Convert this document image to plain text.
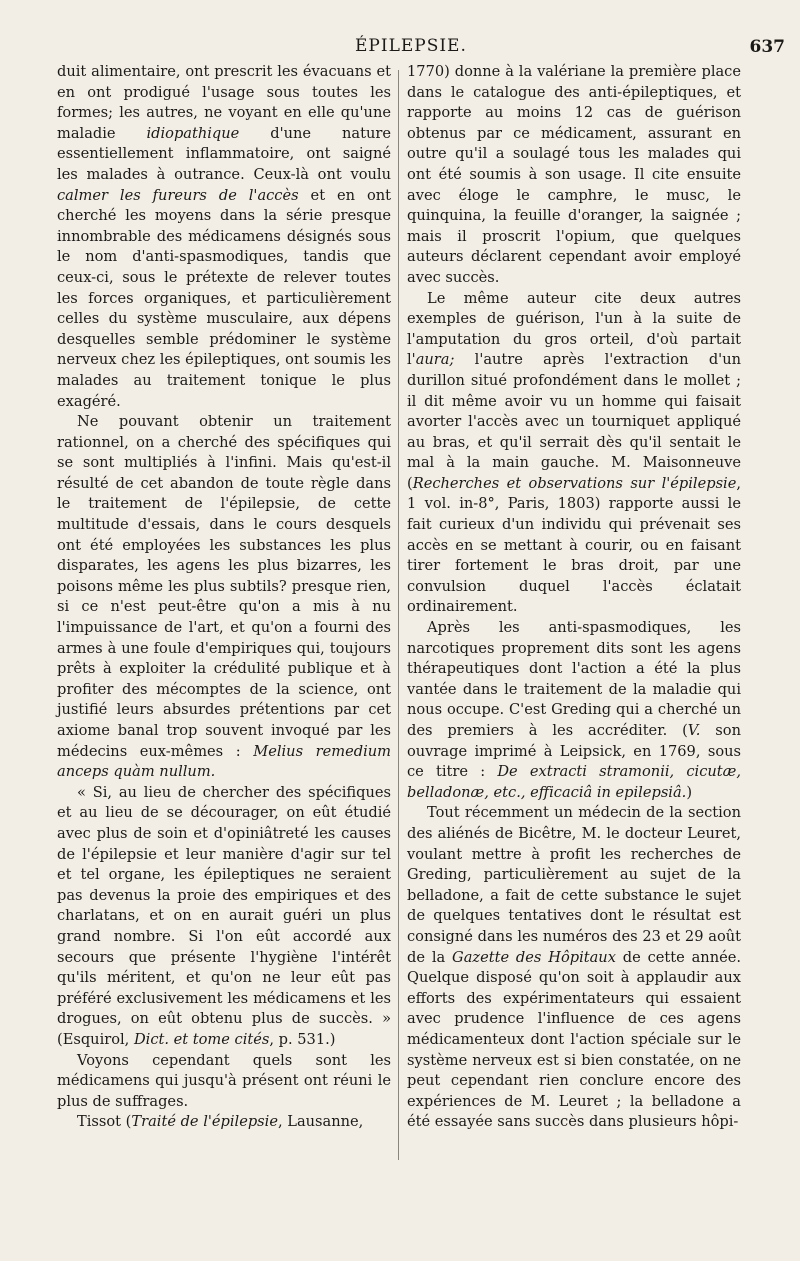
ÉPILEPSIE.	637

duit alimentaire, ont prescrit les évacuans et en ont prodigué l'usage sous toutes les formes; les autres, ne voyant en elle qu'une maladie idiopathique d'une nature essentiellement inflammatoire, ont saigné les malades à outrance. Ceux-là ont voulu calmer les fureurs de l'accès et en ont cherché les moyens dans la série presque innombrable des médicamens désignés sous le nom d'anti-spasmodiques, tandis que ceux-ci, sous le prétexte de relever toutes les forces organiques, et particulièrement celles du système musculaire, aux dépens desquelles semble prédominer le système nerveux chez les épileptiques, ont soumis les malades au traitement tonique le plus exagéré.

Ne pouvant obtenir un traitement rationnel, on a cherché des spécifiques qui se sont multipliés à l'infini. Mais qu'est-il résulté de cet abandon de toute règle dans le traitement de l'épilepsie, de cette multitude d'essais, dans le cours desquels ont été employées les substances les plus disparates, les agens les plus bizarres, les poisons même les plus subtils? presque rien, si ce n'est peut-être qu'on a mis à nu l'impuissance de l'art, et qu'on a fourni des armes à une foule d'empiriques qui, toujours prêts à exploiter la crédulité publique et à profiter des mécomptes de la science, ont justifié leurs absurdes prétentions par cet axiome banal trop souvent invoqué par les médecins eux-mêmes : Melius remedium anceps quàm nullum.

« Si, au lieu de chercher des spécifiques et au lieu de se décourager, on eût étudié avec plus de soin et d'opiniâtreté les causes de l'épilepsie et leur manière d'agir sur tel et tel organe, les épileptiques ne seraient pas devenus la proie des empiriques et des charlatans, et on en aurait guéri un plus grand nombre. Si l'on eût accordé aux secours que présente l'hygiène l'intérêt qu'ils méritent, et qu'on ne leur eût pas préféré exclusivement les médicamens et les drogues, on eût obtenu plus de succès. » (Esquirol, Dict. et tome cités, p. 531.)

Voyons cependant quels sont les médicamens qui jusqu'à présent ont réuni le plus de suffrages.

Tissot (Traité de l'épilepsie, Lausanne,

1770) donne à la valériane la première place dans le catalogue des anti-épileptiques, et rapporte au moins 12 cas de guérison obtenus par ce médicament, assurant en outre qu'il a soulagé tous les malades qui ont été soumis à son usage. Il cite ensuite avec éloge le camphre, le musc, le quinquina, la feuille d'oranger, la saignée ; mais il proscrit l'opium, que quelques auteurs déclarent cependant avoir employé avec succès.

Le même auteur cite deux autres exemples de guérison, l'un à la suite de l'amputation du gros orteil, d'où partait l'aura; l'autre après l'extraction d'un durillon situé profondément dans le mollet ; il dit même avoir vu un homme qui faisait avorter l'accès avec un tourniquet appliqué au bras, et qu'il serrait dès qu'il sentait le mal à la main gauche. M. Maisonneuve (Recherches et observations sur l'épilepsie, 1 vol. in-8°, Paris, 1803) rapporte aussi le fait curieux d'un individu qui prévenait ses accès en se mettant à courir, ou en faisant tirer fortement le bras droit, par une convulsion duquel l'accès éclatait ordinairement.

Après les anti-spasmodiques, les narcotiques proprement dits sont les agens thérapeutiques dont l'action a été la plus vantée dans le traitement de la maladie qui nous occupe. C'est Greding qui a cherché un des premiers à les accréditer. (V. son ouvrage imprimé à Leipsick, en 1769, sous ce titre : De extracti stramonii, cicutæ, belladonæ, etc., efficaciâ in epilepsiâ.)

Tout récemment un médecin de la section des aliénés de Bicêtre, M. le docteur Leuret, voulant mettre à profit les recherches de Greding, particulièrement au sujet de la belladone, a fait de cette substance le sujet de quelques tentatives dont le résultat est consigné dans les numéros des 23 et 29 août de la Gazette des Hôpitaux de cette année. Quelque disposé qu'on soit à applaudir aux efforts des expérimentateurs qui essaient avec prudence l'influence de ces agens médicamenteux dont l'action spéciale sur le système nerveux est si bien constatée, on ne peut cependant rien conclure encore des expériences de M. Leuret ; la belladone a été essayée sans succès dans plusieurs hôpi-
